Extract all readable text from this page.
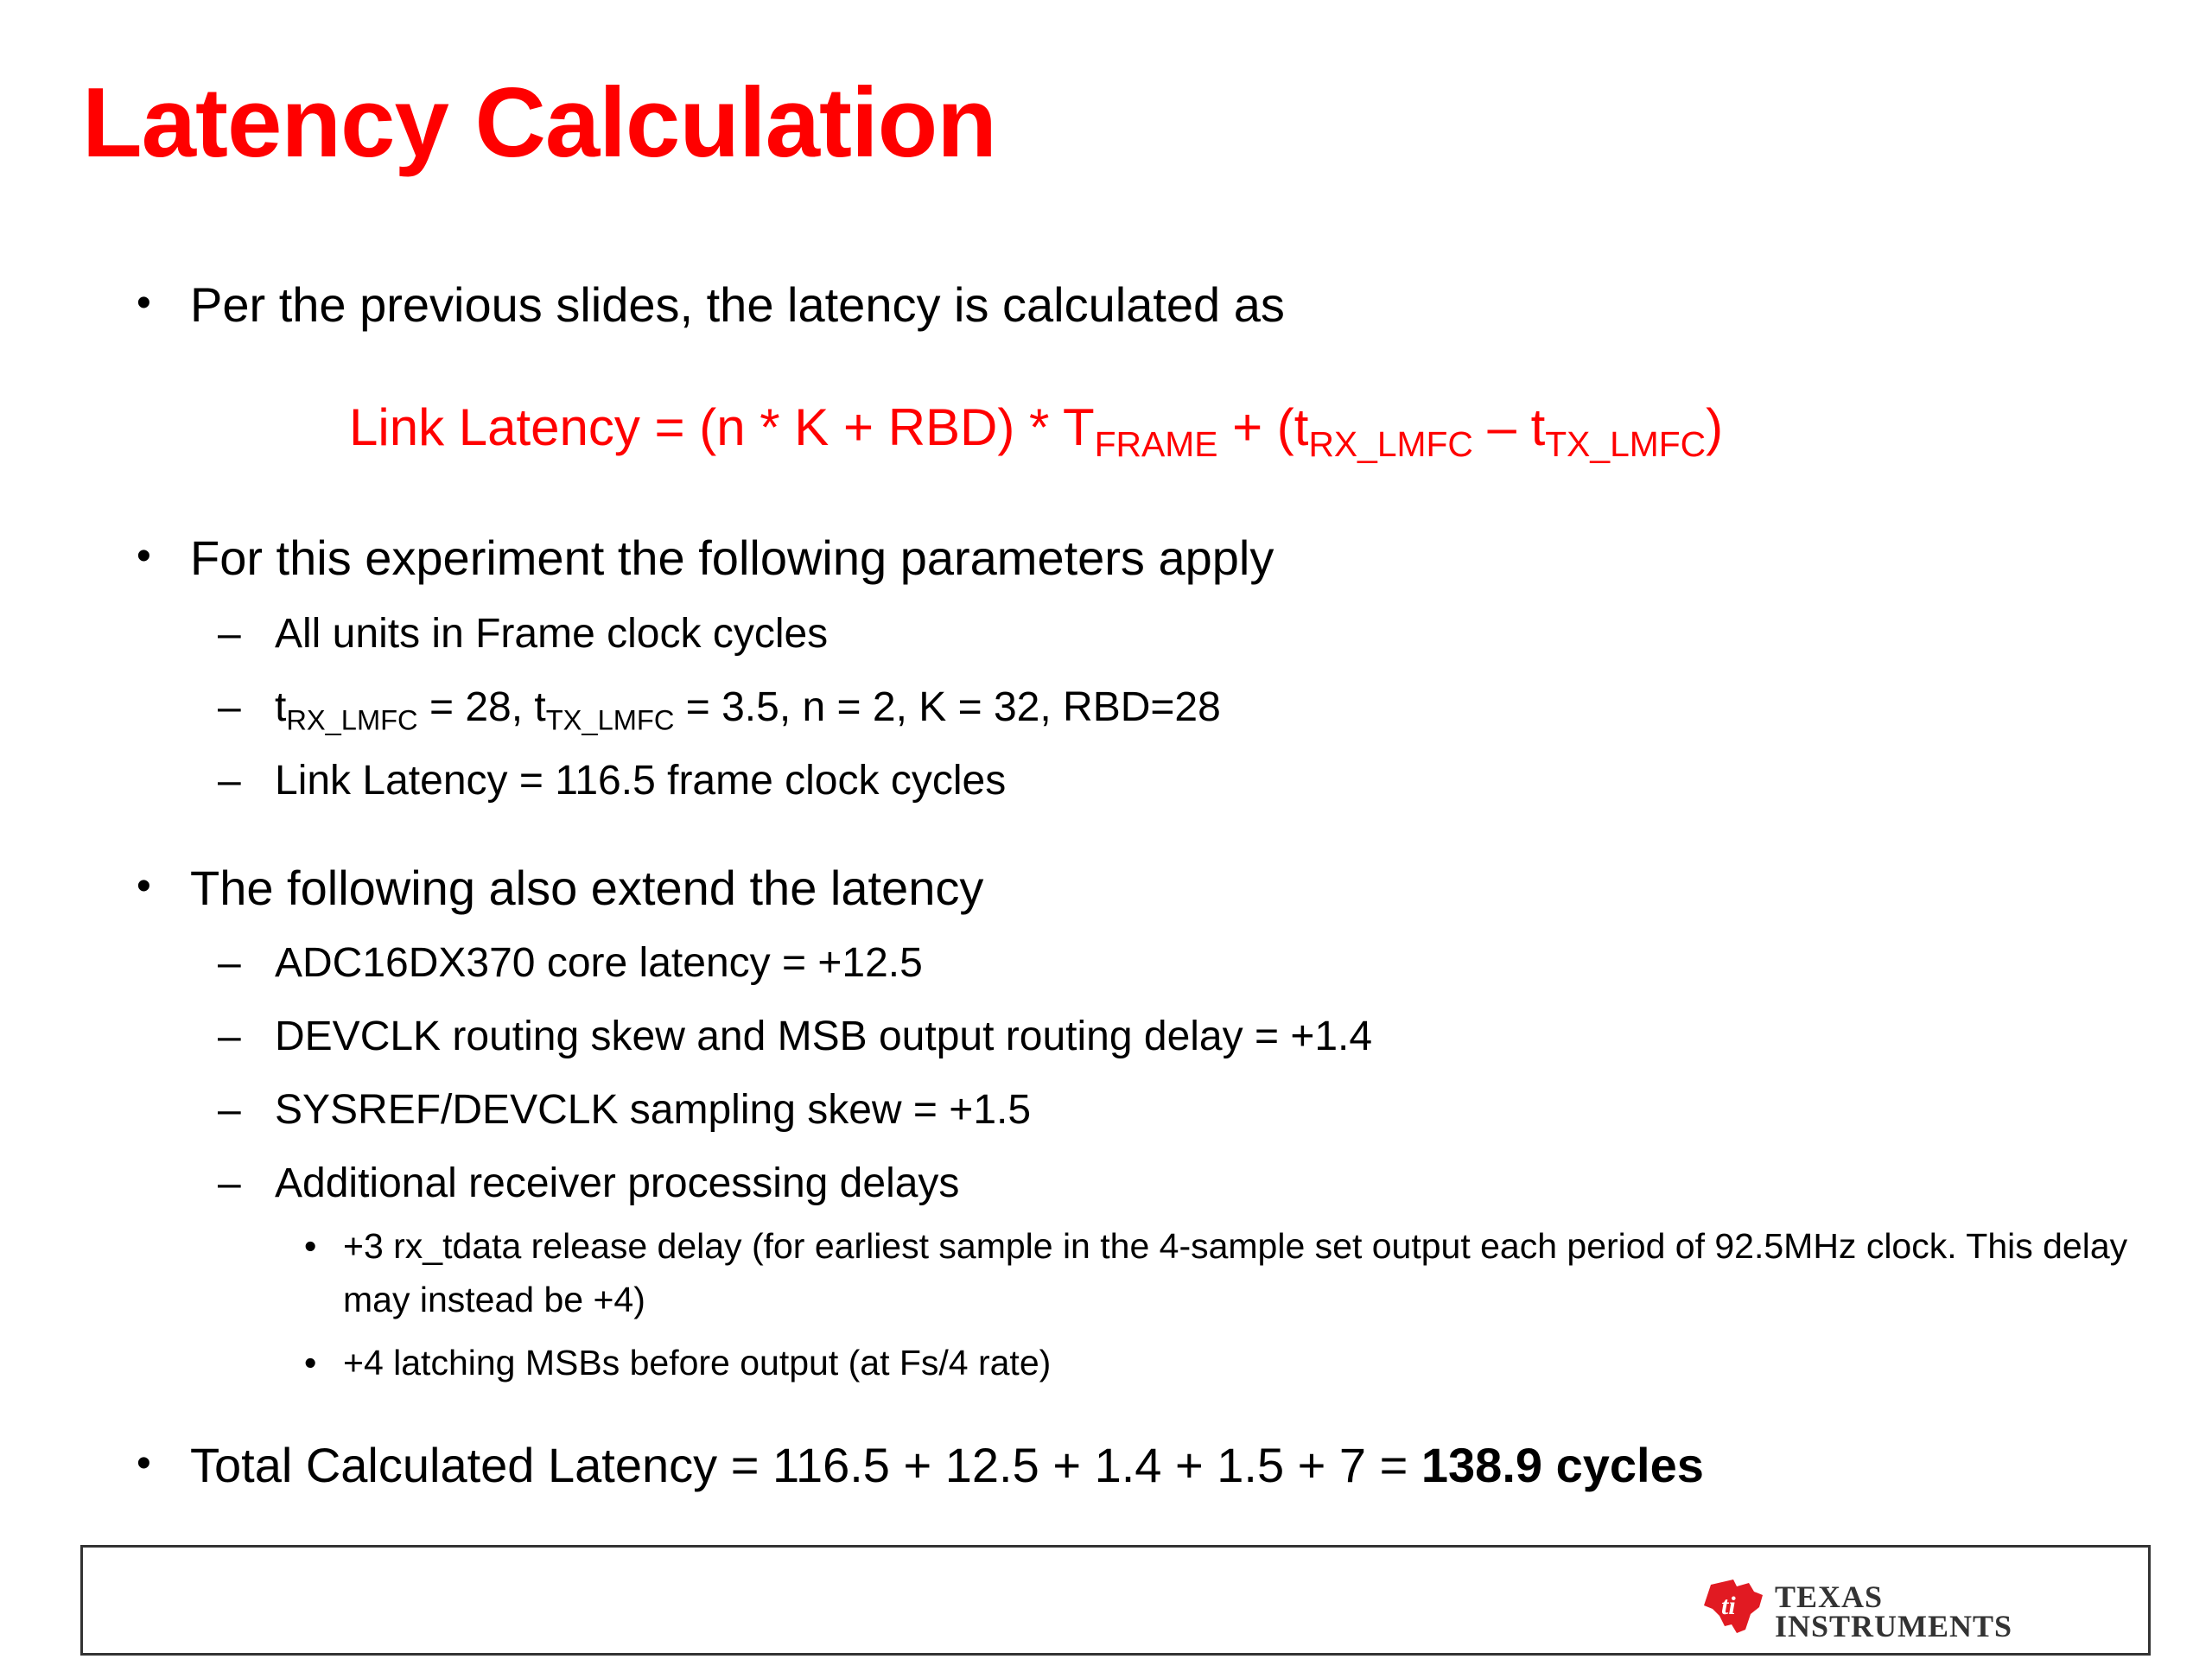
Latency Calculation
• Per the previous slides, the latency is calculated as
Link Latency = $(n * K + RBD) * T_{FRAME} + (t_{RX\_LMFC} - t_{TX\_LMFC})$
• For this experiment the following parameters apply
– All units in Frame clock cycles
– $t_{RX\_LMFC} = 28$, $t_{TX\_LMFC} = 3.5$, n = 2, K = 32, RBD=28
– Link Latency = 116.5 frame clock cycles
• The following also extend the latency
– ADC16DX370 core latency = +12.5
– DEVCLK routing skew and MSB output routing delay = +1.4
– SYSREF/DEVCLK sampling skew = +1.5
– Additional receiver processing delays
• +3 rx_tdata release delay (for earliest sample in the 4-sample set output each period of 92.5MHz clock. This delay may instead be +4)
• +4 latching MSBs before output (at Fs/4 rate)
• Total Calculated Latency = 116.5 + 12.5 + 1.4 + 1.5 + 7 = 138.9 cycles
ti TEXAS
INSTRUMENTS
